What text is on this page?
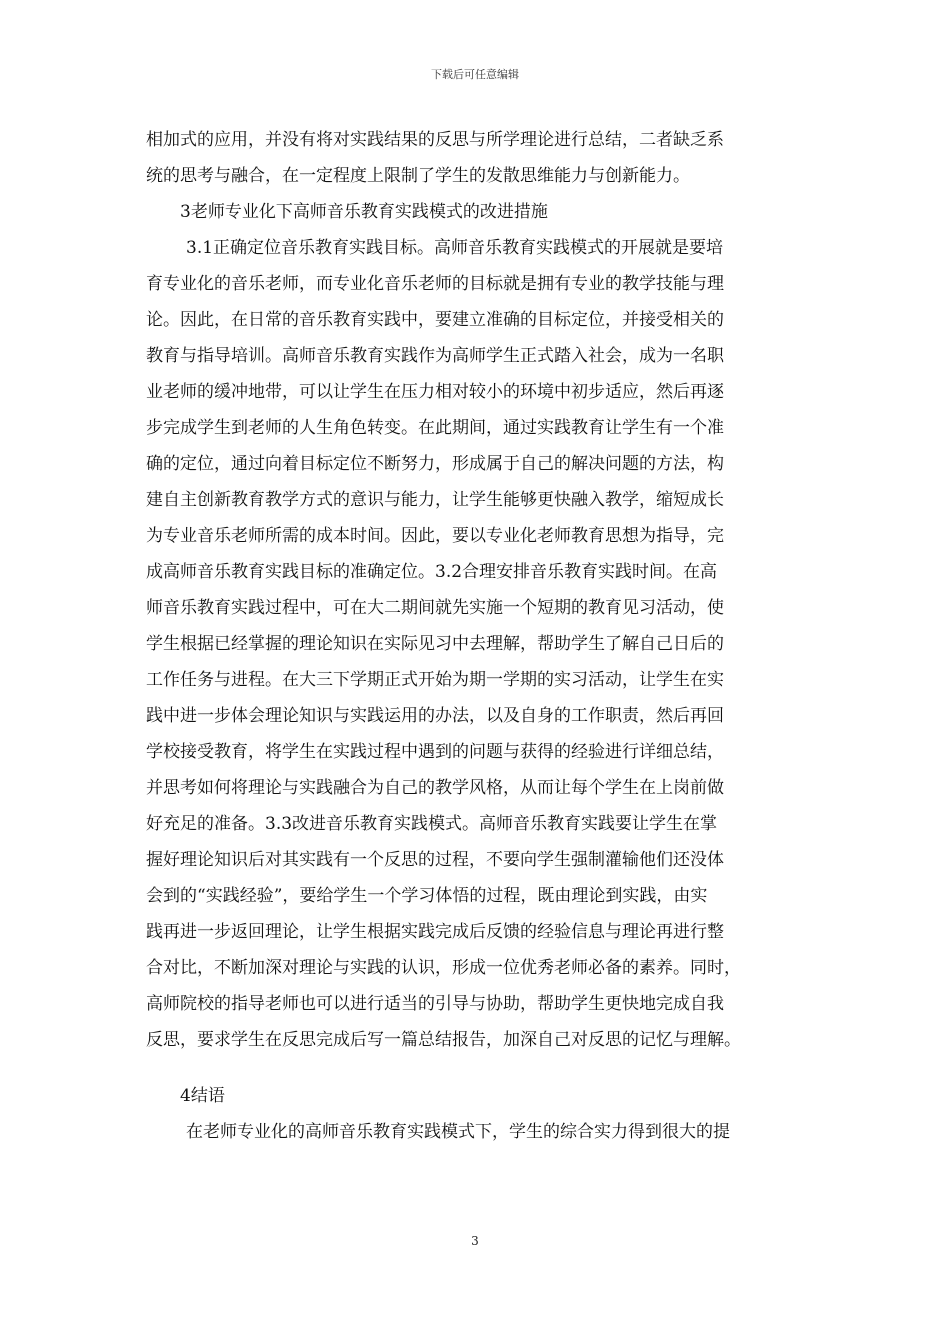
下载后可任意编辑
相加式的应用，并没有将对实践结果的反思与所学理论进行总结，二者缺乏系
统的思考与融合，在一定程度上限制了学生的发散思维能力与创新能力。
3老师专业化下高师音乐教育实践模式的改进措施
3.1正确定位音乐教育实践目标。高师音乐教育实践模式的开展就是要培
育专业化的音乐老师，而专业化音乐老师的目标就是拥有专业的教学技能与理
论。因此，在日常的音乐教育实践中，要建立准确的目标定位，并接受相关的
教育与指导培训。高师音乐教育实践作为高师学生正式踏入社会，成为一名职
业老师的缓冲地带，可以让学生在压力相对较小的环境中初步适应，然后再逐
步完成学生到老师的人生角色转变。在此期间，通过实践教育让学生有一个准
确的定位，通过向着目标定位不断努力，形成属于自己的解决问题的方法，构
建自主创新教育教学方式的意识与能力，让学生能够更快融入教学，缩短成长
为专业音乐老师所需的成本时间。因此，要以专业化老师教育思想为指导，完
成高师音乐教育实践目标的准确定位。3.2合理安排音乐教育实践时间。在高
师音乐教育实践过程中，可在大二期间就先实施一个短期的教育见习活动，使
学生根据已经掌握的理论知识在实际见习中去理解，帮助学生了解自己日后的
工作任务与进程。在大三下学期正式开始为期一学期的实习活动，让学生在实
践中进一步体会理论知识与实践运用的办法，以及自身的工作职责，然后再回
学校接受教育，将学生在实践过程中遇到的问题与获得的经验进行详细总结，
并思考如何将理论与实践融合为自己的教学风格，从而让每个学生在上岗前做
好充足的准备。3.3改进音乐教育实践模式。高师音乐教育实践要让学生在掌
握好理论知识后对其实践有一个反思的过程，不要向学生强制灌输他们还没体
会到的“实践经验”，要给学生一个学习体悟的过程，既由理论到实践，由实
践再进一步返回理论，让学生根据实践完成后反馈的经验信息与理论再进行整
合对比，不断加深对理论与实践的认识，形成一位优秀老师必备的素养。同时，
高师院校的指导老师也可以进行适当的引导与协助，帮助学生更快地完成自我
反思，要求学生在反思完成后写一篇总结报告，加深自己对反思的记忆与理解。
4结语
在老师专业化的高师音乐教育实践模式下，学生的综合实力得到很大的提
3
